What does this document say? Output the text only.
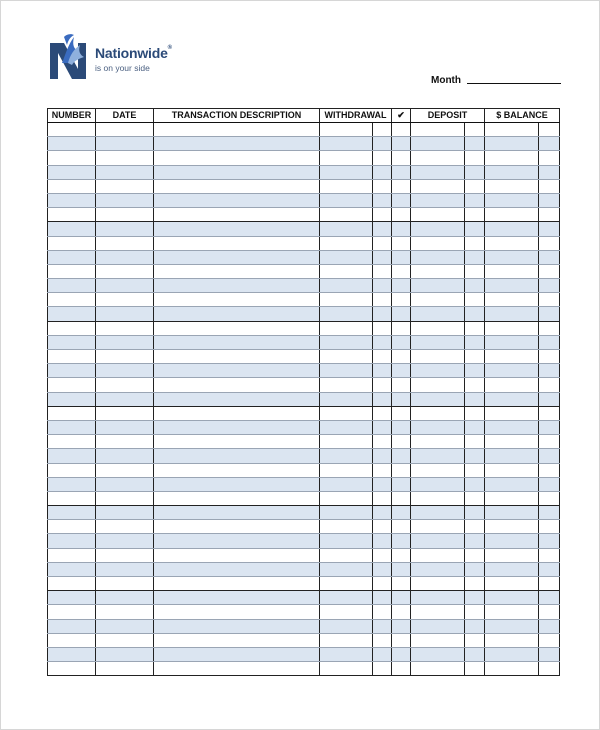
Nationwide®
is on your side
Month
NUMBER	DATE	TRANSACTION DESCRIPTION	WITHDRAWAL		✔	DEPOSIT		$ BALANCE	
